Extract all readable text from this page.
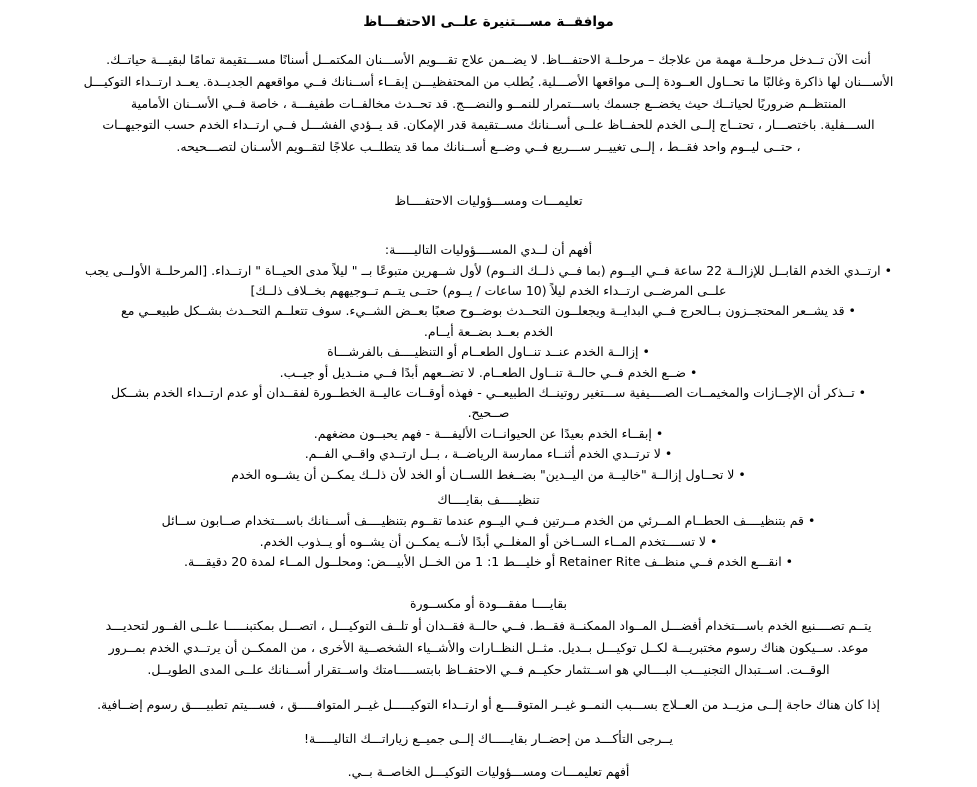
موافقــة مســـتنيرة علــى الاحتفـــاظ
أنت الآن تــدخل مرحلــة مهمة من علاجك – مرحلــة الاحتفـــاظ. لا يضــمن علاج تقـــويم الأســـنان المكتمــل أسنانًا مســـتقيمة تمامًا لبقيـــة حياتــك.
الأســـنان لها ذاكرة وغالبًا ما تحــاول العــودة إلــى مواقعها الأصـــلية. يُطلب من المحتفظيـــن إبقــاء أســنانك فــي مواقعهم الجديــدة. يعــد ارتــداء التوكيـــل
المنتظــم ضروريًا لحياتــك حيث يخضــع جسمك باســـتمرار للنمــو والنضـــج. قد تحــدث مخالفــات طفيفـــة ، خاصة فــي الأســنان الأمامية
الســـفلية. باختصـــار ، تحتــاج إلــى الخدم للحفــاظ علــى أســنانك مســتقيمة قدر الإمكان. قد يــؤدي الفشـــل فــي ارتــداء الخدم حسب التوجيهــات
، حتــى ليــوم واحد فقــط ، إلــى تغييــر ســـريع فــي وضــع أســنانك مما قد يتطلــب علاجًا لتقــويم الأسـنان لتصـــحيحه.
تعليمـــات ومســـؤوليات الاحتفــــاظ
أفهم أن لــدي المســــؤوليات التاليـــــة:
• ارتــدي الخدم القابــل للإزالــة 22 ساعة فــي اليــوم (بما فــي ذلــك النــوم) لأول شــهرين متبوعًا بــ " ليلاً مدى الحيــاة " ارتــداء. [المرحلــة الأولــى يجب
علــى المرضــى ارتــداء الخدم ليلاً (10 ساعات / يــوم) حتــى يتــم تــوجيههم بخــلاف ذلــك]
• قد يشــعر المحتجــزون بــالحرج فــي البدايــة ويجعلــون التحــدث بوضــوح صعبًا بعــض الشــيء. سوف تتعلــم التحــدث بشــكل طبيعــي مع
الخدم بعــد بضــعة أيــام.
• إزالــة الخدم عنــد تنــاول الطعــام أو التنظيــــف بالفرشـــاة
• ضــع الخدم فــي حالــة تنــاول الطعــام. لا تضــعهم أبدًا فــي منــديل أو جيــب.
• تــذكر أن الإجــازات والمخيمــات الصــــيفية ســـتغير روتينــك الطبيعــي - فهذه أوقــات عاليــة الخطــورة لفقــدان أو عدم ارتــداء الخدم بشــكل
صــحيح.
• إبقــاء الخدم بعيدًا عن الحيوانــات الأليفـــة - فهم يحبــون مضغهم.
• لا ترتــدي الخدم أثنــاء ممارسة الرياضــة ، بــل ارتــدي واقــي الفــم.
• لا تحــاول إزالــة "خاليــة من اليــدين" بضــغط اللســان أو الخد لأن ذلــك يمكــن أن يشــوه الخدم
تنظيـــــف بقايــــاك
• قم بتنظيــــف الحطــام المــرئي من الخدم مــرتين فــي اليــوم عندما تقــوم بتنظيــــف أســنانك باســـتخدام صــابون ســائل
• لا تســــتخدم المــاء الســاخن أو المغلــي أبدًا لأنــه يمكــن أن يشــوه أو يــذوب الخدم.
• انقـــع الخدم فــي منظــف Retainer Rite أو خليـــط 1: 1 من الخــل الأبيـــض: ومحلــول المــاء لمدة 20 دقيقـــة.
بقايــــا مفقـــودة أو مكســورة
يتــم تصــــنيع الخدم باســـتخدام أفضـــل المــواد الممكنــة فقــط. فــي حالــة فقــدان أو تلــف التوكيـــل ، اتصـــل بمكتبنـــــا علــى الفــور لتحديـــد
موعد. ســيكون هناك رسوم مختبريـــة لكــل توكيـــل بــديل. مثــل النظــارات والأشــياء الشخصــية الأخرى ، من الممكــن أن يرتــدي الخدم بمــرور
الوقــت. اســتبدال التجنيـــب البــــالي هو اســتثمار حكيــم فــي الاحتفــاظ بابتســـــامتك واســتقرار أســنانك علــى المدى الطويــل.
إذا كان هناك حاجة إلــى مزيــد من العــلاج بســـبب النمــو غيــر المتوقــــع أو ارتــداء التوكيـــــل غيــر المتوافـــــق ، فســـيتم تطبيــــق رسوم إضــافية.
يــرجى التأكـــد من إحضــار بقايـــــاك إلــى جميــع زياراتـــك التاليـــــة!
أفهم تعليمـــات ومســـؤوليات التوكيـــل الخاصــة بــي.
